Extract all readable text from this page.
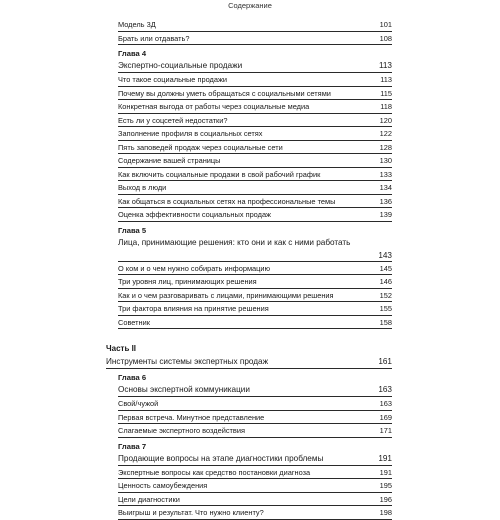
Содержание
Модель 3Д	101
Брать или отдавать?	108
Глава 4
Экспертно-социальные продажи	113
Что такое социальные продажи	113
Почему вы должны уметь обращаться с социальными сетями	115
Конкретная выгода от работы через социальные медиа	118
Есть ли у соцсетей недостатки?	120
Заполнение профиля в социальных сетях	122
Пять заповедей продаж через социальные сети	128
Содержание вашей страницы	130
Как включить социальные продажи в свой рабочий график	133
Выход в люди	134
Как общаться в социальных сетях на профессиональные темы	136
Оценка эффективности социальных продаж	139
Глава 5
Лица, принимающие решения: кто они и как с ними работать
143
О ком и о чем нужно собирать информацию	145
Три уровня лиц, принимающих решения	146
Как и о чем разговаривать с лицами, принимающими решения	152
Три фактора влияния на принятие решения	155
Советник	158
Часть II
Инструменты системы экспертных продаж	161
Глава 6
Основы экспертной коммуникации	163
Свой/чужой	163
Первая встреча. Минутное представление	169
Слагаемые экспертного воздействия	171
Глава 7
Продающие вопросы на этапе диагностики проблемы	191
Экспертные вопросы как средство постановки диагноза	191
Ценность самоубеждения	195
Цели диагностики	196
Выигрыш и результат. Что нужно клиенту?	198
